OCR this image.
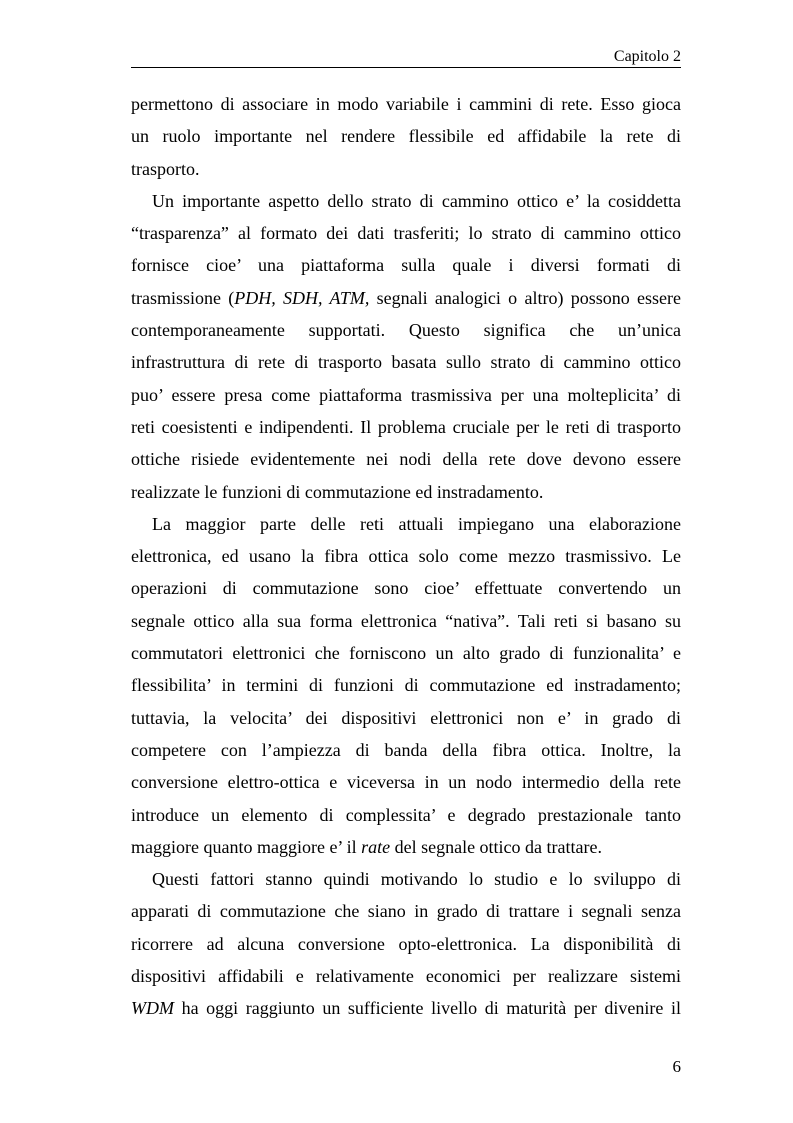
Capitolo 2

permettono di associare in modo variabile i cammini di rete. Esso gioca
un ruolo importante nel rendere flessibile ed affidabile la rete di
trasporto.

Un importante aspetto dello strato di cammino ottico e’ la cosiddetta
“trasparenza” al formato dei dati trasferiti; lo strato di cammino ottico
fornisce cioe’ una piattaforma sulla quale i diversi formati di
trasmissione (PDH, SDH, ATM, segnali analogici o altro) possono essere
contemporaneamente supportati. Questo significa che un’unica
infrastruttura di rete di trasporto basata sullo strato di cammino ottico
puo’ essere presa come piattaforma trasmissiva per una molteplicita’ di
reti coesistenti e indipendenti. Il problema cruciale per le reti di trasporto
ottiche risiede evidentemente nei nodi della rete dove devono essere
realizzate le funzioni di commutazione ed instradamento.

La maggior parte delle reti attuali impiegano una elaborazione
elettronica, ed usano la fibra ottica solo come mezzo trasmissivo. Le
operazioni di commutazione sono cioe’ effettuate convertendo un
segnale ottico alla sua forma elettronica “nativa”. Tali reti si basano su
commutatori elettronici che forniscono un alto grado di funzionalita’ e
flessibilita’ in termini di funzioni di commutazione ed instradamento;
tuttavia, la velocita’ dei dispositivi elettronici non e’ in grado di
competere con l’ampiezza di banda della fibra ottica. Inoltre, la
conversione elettro-ottica e viceversa in un nodo intermedio della rete
introduce un elemento di complessita’ e degrado prestazionale tanto
maggiore quanto maggiore e’ il rate del segnale ottico da trattare.

Questi fattori stanno quindi motivando lo studio e lo sviluppo di
apparati di commutazione che siano in grado di trattare i segnali senza
ricorrere ad alcuna conversione opto-elettronica. La disponibilità di
dispositivi affidabili e relativamente economici per realizzare sistemi
WDM ha oggi raggiunto un sufficiente livello di maturità per divenire il

6
